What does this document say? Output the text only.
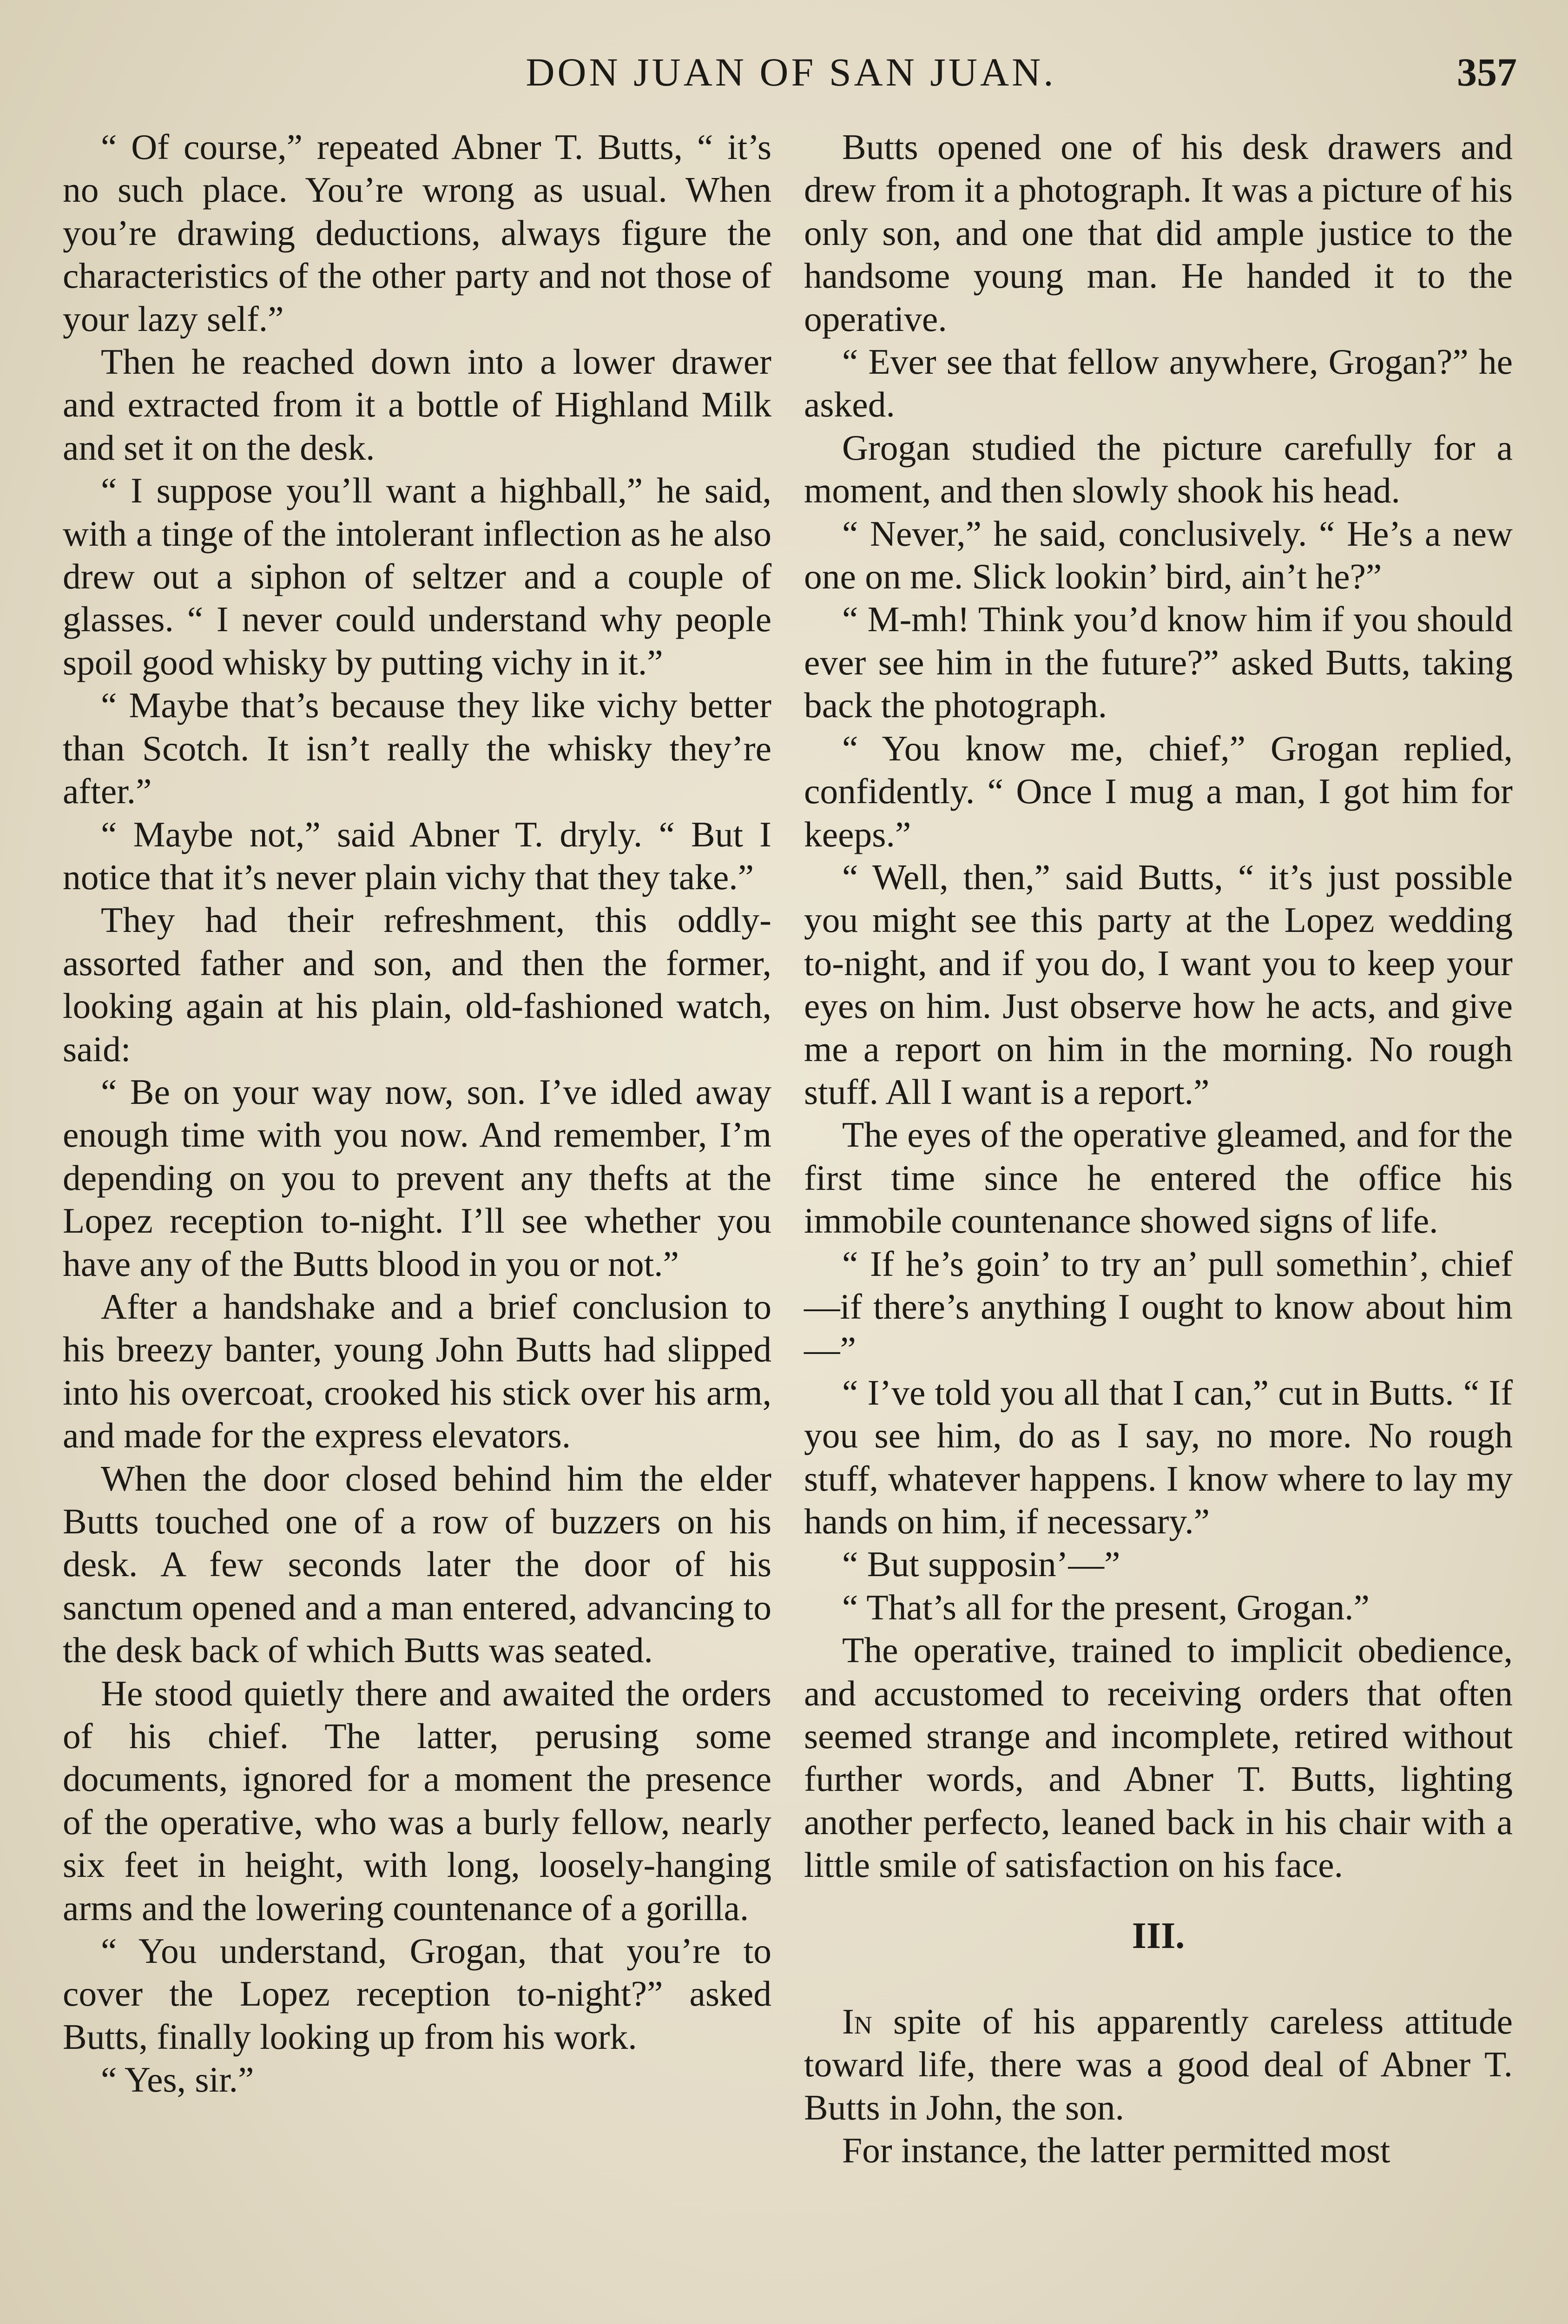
DON JUAN OF SAN JUAN.	357

“ Of course,” repeated Abner T. Butts, “ it’s no such place. You’re wrong as usual. When you’re drawing deductions, always figure the characteristics of the other party and not those of your lazy self.”

Then he reached down into a lower drawer and extracted from it a bottle of Highland Milk and set it on the desk.

“ I suppose you’ll want a highball,” he said, with a tinge of the intolerant inflection as he also drew out a siphon of seltzer and a couple of glasses. “ I never could understand why people spoil good whisky by putting vichy in it.”

“ Maybe that’s because they like vichy better than Scotch. It isn’t really the whisky they’re after.”

“ Maybe not,” said Abner T. dryly. “ But I notice that it’s never plain vichy that they take.”

They had their refreshment, this oddly-assorted father and son, and then the former, looking again at his plain, old-fashioned watch, said:

“ Be on your way now, son. I’ve idled away enough time with you now. And remember, I’m depending on you to prevent any thefts at the Lopez reception to-night. I’ll see whether you have any of the Butts blood in you or not.”

After a handshake and a brief conclusion to his breezy banter, young John Butts had slipped into his overcoat, crooked his stick over his arm, and made for the express elevators.

When the door closed behind him the elder Butts touched one of a row of buzzers on his desk. A few seconds later the door of his sanctum opened and a man entered, advancing to the desk back of which Butts was seated.

He stood quietly there and awaited the orders of his chief. The latter, perusing some documents, ignored for a moment the presence of the operative, who was a burly fellow, nearly six feet in height, with long, loosely-hanging arms and the lowering countenance of a gorilla.

“ You understand, Grogan, that you’re to cover the Lopez reception to-night?” asked Butts, finally looking up from his work.

“ Yes, sir.”

Butts opened one of his desk drawers and drew from it a photograph. It was a picture of his only son, and one that did ample justice to the handsome young man. He handed it to the operative.

“ Ever see that fellow anywhere, Grogan?” he asked.

Grogan studied the picture carefully for a moment, and then slowly shook his head.

“ Never,” he said, conclusively. “ He’s a new one on me. Slick lookin’ bird, ain’t he?”

“ M-mh! Think you’d know him if you should ever see him in the future?” asked Butts, taking back the photograph.

“ You know me, chief,” Grogan replied, confidently. “ Once I mug a man, I got him for keeps.”

“ Well, then,” said Butts, “ it’s just possible you might see this party at the Lopez wedding to-night, and if you do, I want you to keep your eyes on him. Just observe how he acts, and give me a report on him in the morning. No rough stuff. All I want is a report.”

The eyes of the operative gleamed, and for the first time since he entered the office his immobile countenance showed signs of life.

“ If he’s goin’ to try an’ pull somethin’, chief—if there’s anything I ought to know about him—”

“ I’ve told you all that I can,” cut in Butts. “ If you see him, do as I say, no more. No rough stuff, whatever happens. I know where to lay my hands on him, if necessary.”

“ But supposin’—”

“ That’s all for the present, Grogan.”

The operative, trained to implicit obedience, and accustomed to receiving orders that often seemed strange and incomplete, retired without further words, and Abner T. Butts, lighting another perfecto, leaned back in his chair with a little smile of satisfaction on his face.

III.

In spite of his apparently careless attitude toward life, there was a good deal of Abner T. Butts in John, the son.

For instance, the latter permitted most
